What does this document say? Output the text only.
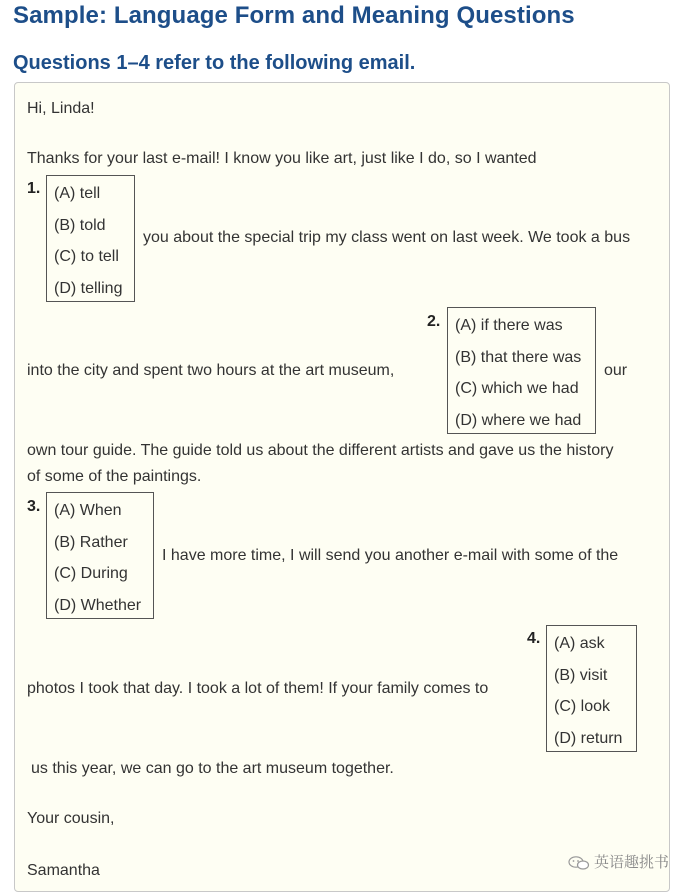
Sample: Language Form and Meaning Questions
Questions 1–4 refer to the following email.
Hi, Linda!
Thanks for your last e-mail! I know you like art, just like I do, so I wanted
1. (A) tell
(B) told
(C) to tell
(D) telling
you about the special trip my class went on last week. We took a bus
2. (A) if there was
(B) that there was
(C) which we had
(D) where we had
into the city and spent two hours at the art museum,	our
own tour guide. The guide told us about the different artists and gave us the history
of some of the paintings.
3. (A) When
(B) Rather
(C) During
(D) Whether
I have more time, I will send you another e-mail with some of the
4. (A) ask
(B) visit
(C) look
(D) return
photos I took that day. I took a lot of them! If your family comes to
us this year, we can go to the art museum together.
Your cousin,
Samantha	英语趣挑书
